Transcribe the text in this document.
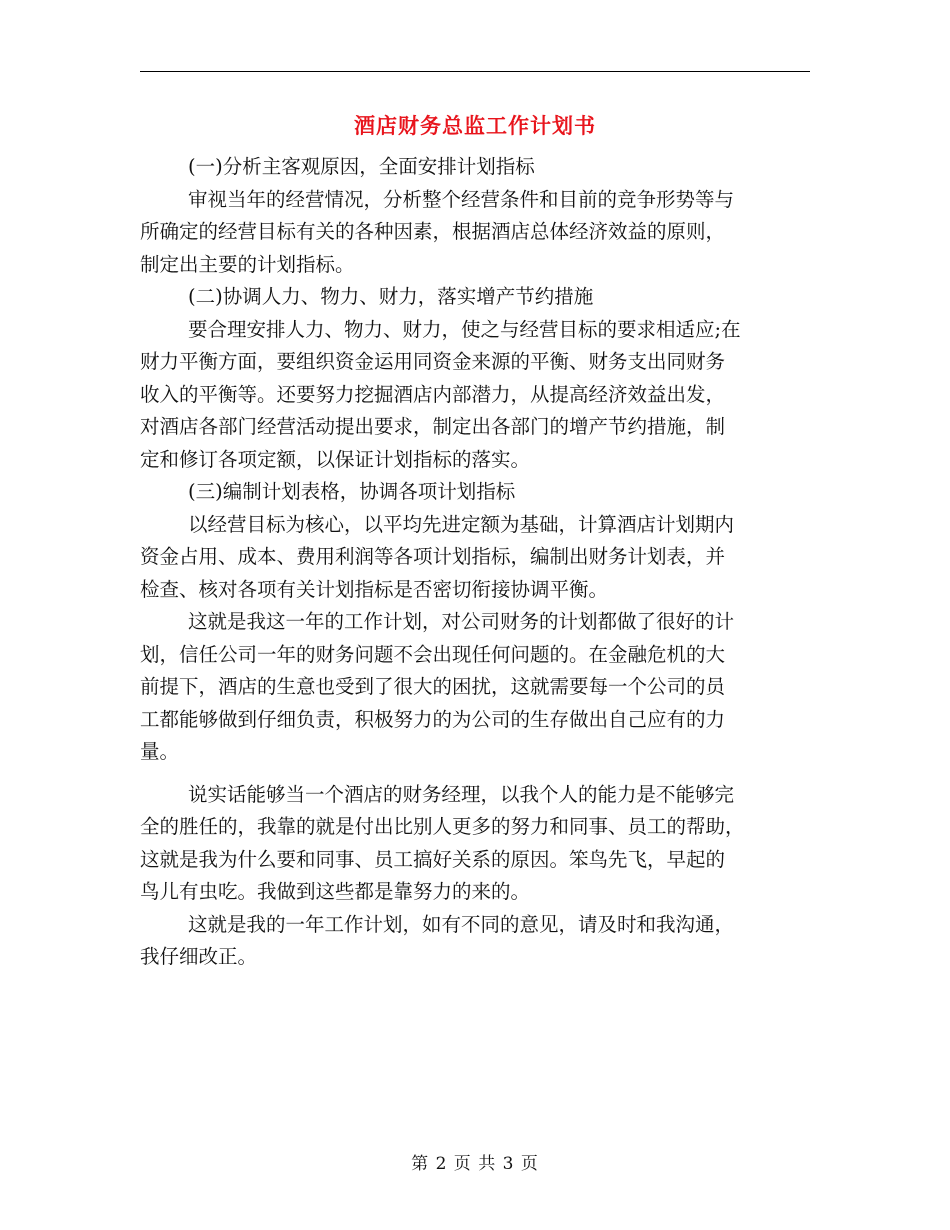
酒店财务总监工作计划书

(一)分析主客观原因，全面安排计划指标

审视当年的经营情况，分析整个经营条件和目前的竞争形势等与
所确定的经营目标有关的各种因素，根据酒店总体经济效益的原则，
制定出主要的计划指标。

(二)协调人力、物力、财力，落实增产节约措施

要合理安排人力、物力、财力，使之与经营目标的要求相适应;在
财力平衡方面，要组织资金运用同资金来源的平衡、财务支出同财务
收入的平衡等。还要努力挖掘酒店内部潜力，从提高经济效益出发，
对酒店各部门经营活动提出要求，制定出各部门的增产节约措施，制
定和修订各项定额，以保证计划指标的落实。

(三)编制计划表格，协调各项计划指标

以经营目标为核心，以平均先进定额为基础，计算酒店计划期内
资金占用、成本、费用利润等各项计划指标，编制出财务计划表，并
检查、核对各项有关计划指标是否密切衔接协调平衡。

这就是我这一年的工作计划，对公司财务的计划都做了很好的计
划，信任公司一年的财务问题不会出现任何问题的。在金融危机的大
前提下，酒店的生意也受到了很大的困扰，这就需要每一个公司的员
工都能够做到仔细负责，积极努力的为公司的生存做出自己应有的力
量。

说实话能够当一个酒店的财务经理，以我个人的能力是不能够完
全的胜任的，我靠的就是付出比别人更多的努力和同事、员工的帮助，
这就是我为什么要和同事、员工搞好关系的原因。笨鸟先飞，早起的
鸟儿有虫吃。我做到这些都是靠努力的来的。

这就是我的一年工作计划，如有不同的意见，请及时和我沟通，
我仔细改正。

第 2 页 共 3 页
